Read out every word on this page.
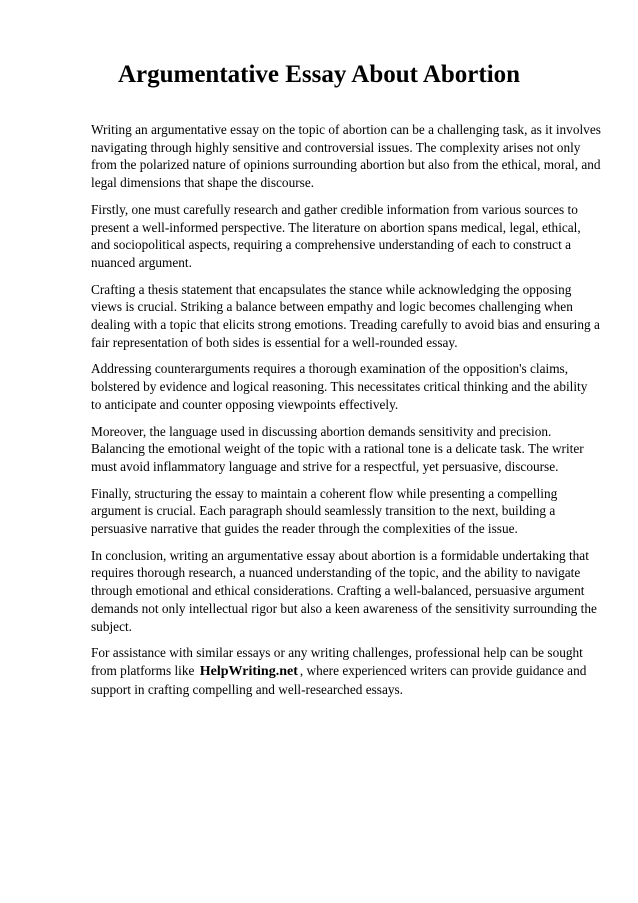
Argumentative Essay About Abortion

Writing an argumentative essay on the topic of abortion can be a challenging task, as it involves navigating through highly sensitive and controversial issues. The complexity arises not only from the polarized nature of opinions surrounding abortion but also from the ethical, moral, and legal dimensions that shape the discourse.

Firstly, one must carefully research and gather credible information from various sources to present a well-informed perspective. The literature on abortion spans medical, legal, ethical, and sociopolitical aspects, requiring a comprehensive understanding of each to construct a nuanced argument.

Crafting a thesis statement that encapsulates the stance while acknowledging the opposing views is crucial. Striking a balance between empathy and logic becomes challenging when dealing with a topic that elicits strong emotions. Treading carefully to avoid bias and ensuring a fair representation of both sides is essential for a well-rounded essay.

Addressing counterarguments requires a thorough examination of the opposition's claims, bolstered by evidence and logical reasoning. This necessitates critical thinking and the ability to anticipate and counter opposing viewpoints effectively.

Moreover, the language used in discussing abortion demands sensitivity and precision. Balancing the emotional weight of the topic with a rational tone is a delicate task. The writer must avoid inflammatory language and strive for a respectful, yet persuasive, discourse.

Finally, structuring the essay to maintain a coherent flow while presenting a compelling argument is crucial. Each paragraph should seamlessly transition to the next, building a persuasive narrative that guides the reader through the complexities of the issue.

In conclusion, writing an argumentative essay about abortion is a formidable undertaking that requires thorough research, a nuanced understanding of the topic, and the ability to navigate through emotional and ethical considerations. Crafting a well-balanced, persuasive argument demands not only intellectual rigor but also a keen awareness of the sensitivity surrounding the subject.

For assistance with similar essays or any writing challenges, professional help can be sought from platforms like HelpWriting.net , where experienced writers can provide guidance and support in crafting compelling and well-researched essays.
